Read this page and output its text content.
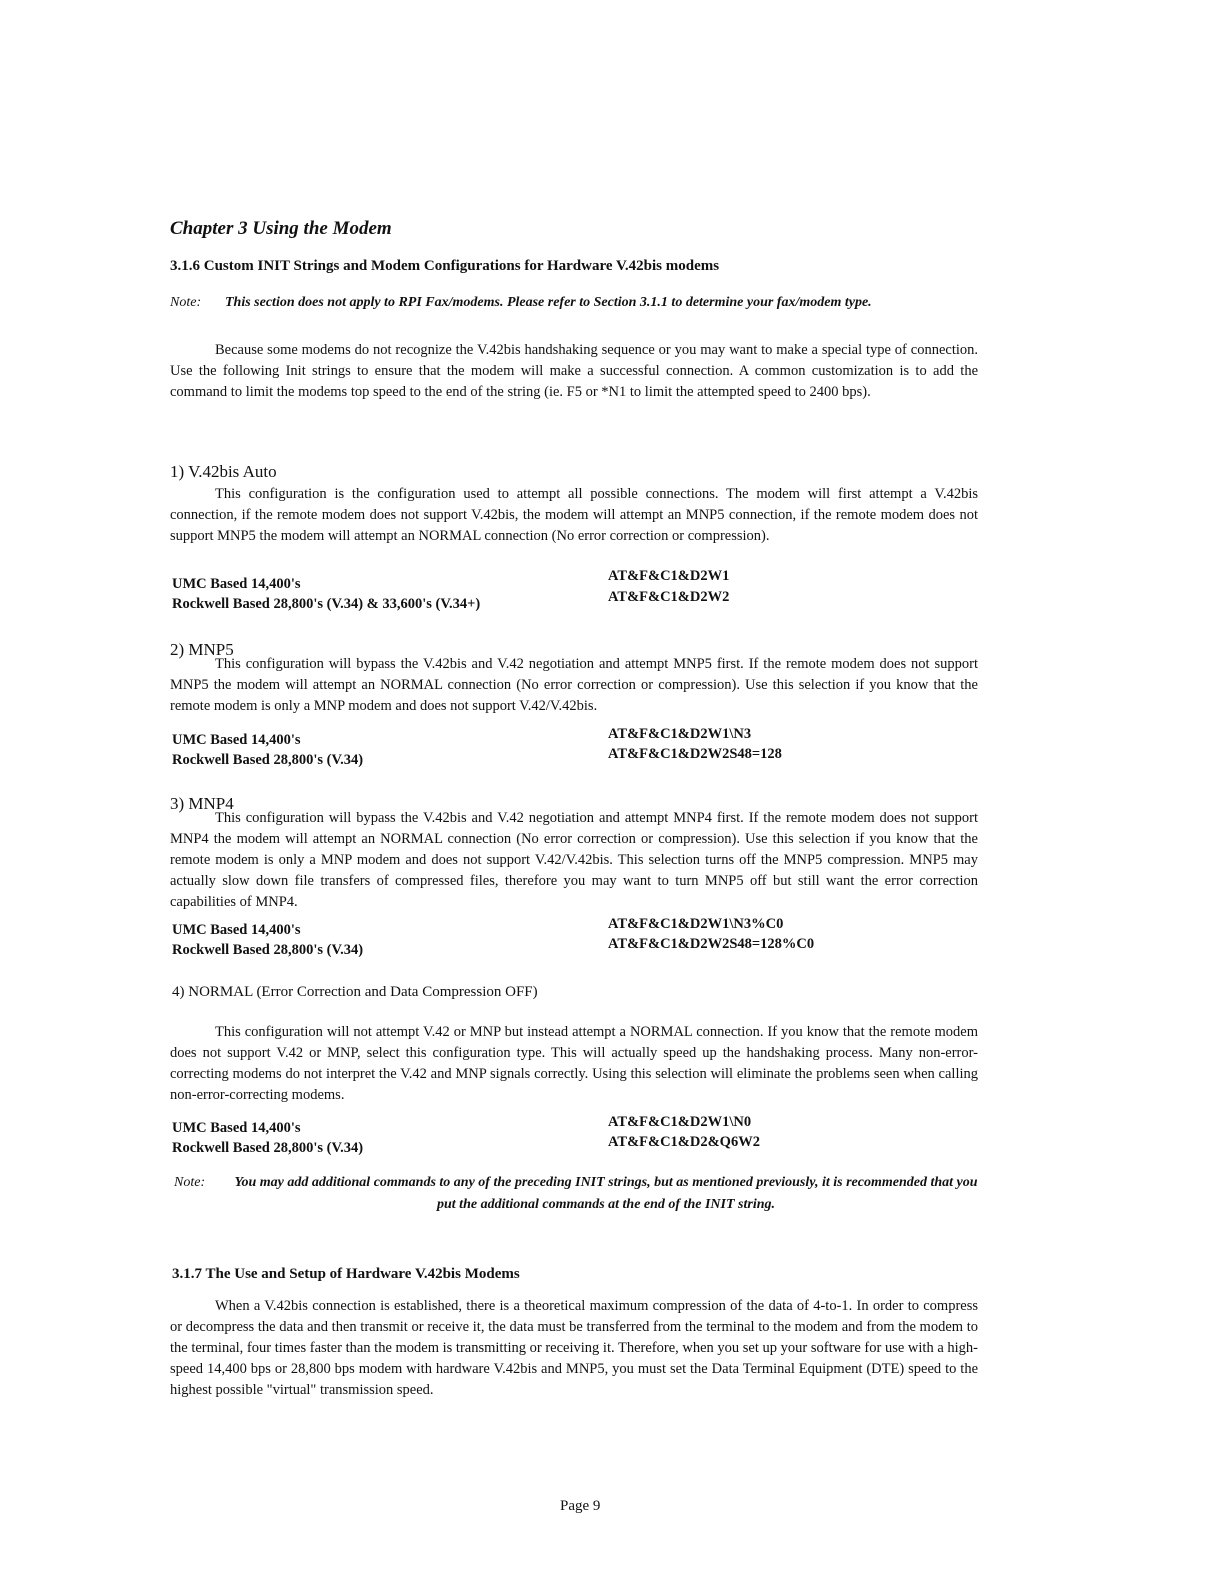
Chapter 3 Using the Modem
3.1.6 Custom INIT Strings and Modem Configurations for Hardware V.42bis modems
Note:	This section does not apply to RPI Fax/modems. Please refer to Section 3.1.1 to determine your fax/modem type.
Because some modems do not recognize the V.42bis handshaking sequence or you may want to make a special type of connection. Use the following Init strings to ensure that the modem will make a successful connection. A common customization is to add the command to limit the modems top speed to the end of the string (ie. F5 or *N1 to limit the attempted speed to 2400 bps).
1) V.42bis Auto
This configuration is the configuration used to attempt all possible connections. The modem will first attempt a V.42bis connection, if the remote modem does not support V.42bis, the modem will attempt an MNP5 connection, if the remote modem does not support MNP5 the modem will attempt an NORMAL connection (No error correction or compression).
UMC Based 14,400's	AT&F&C1&D2W1
Rockwell Based 28,800's (V.34) & 33,600's (V.34+)	AT&F&C1&D2W2
2) MNP5
This configuration will bypass the V.42bis and V.42 negotiation and attempt MNP5 first. If the remote modem does not support MNP5 the modem will attempt an NORMAL connection (No error correction or compression). Use this selection if you know that the remote modem is only a MNP modem and does not support V.42/V.42bis.
UMC Based 14,400's	AT&F&C1&D2W1\N3
Rockwell Based 28,800's (V.34)	AT&F&C1&D2W2S48=128
3) MNP4
This configuration will bypass the V.42bis and V.42 negotiation and attempt MNP4 first. If the remote modem does not support MNP4 the modem will attempt an NORMAL connection (No error correction or compression). Use this selection if you know that the remote modem is only a MNP modem and does not support V.42/V.42bis. This selection turns off the MNP5 compression. MNP5 may actually slow down file transfers of compressed files, therefore you may want to turn MNP5 off but still want the error correction capabilities of MNP4.
UMC Based 14,400's	AT&F&C1&D2W1\N3%C0
Rockwell Based 28,800's (V.34)	AT&F&C1&D2W2S48=128%C0
4) NORMAL (Error Correction and Data Compression OFF)
This configuration will not attempt V.42 or MNP but instead attempt a NORMAL connection. If you know that the remote modem does not support V.42 or MNP, select this configuration type. This will actually speed up the handshaking process. Many non-error-correcting modems do not interpret the V.42 and MNP signals correctly. Using this selection will eliminate the problems seen when calling non-error-correcting modems.
UMC Based 14,400's	AT&F&C1&D2W1\N0
Rockwell Based 28,800's (V.34)	AT&F&C1&D2&Q6W2
Note:	You may add additional commands to any of the preceding INIT strings, but as mentioned previously, it is recommended that you put the additional commands at the end of the INIT string.
3.1.7 The Use and Setup of Hardware V.42bis Modems
When a V.42bis connection is established, there is a theoretical maximum compression of the data of 4-to-1. In order to compress or decompress the data and then transmit or receive it, the data must be transferred from the terminal to the modem and from the modem to the terminal, four times faster than the modem is transmitting or receiving it. Therefore, when you set up your software for use with a high-speed 14,400 bps or 28,800 bps modem with hardware V.42bis and MNP5, you must set the Data Terminal Equipment (DTE) speed to the highest possible "virtual" transmission speed.
Page 9
